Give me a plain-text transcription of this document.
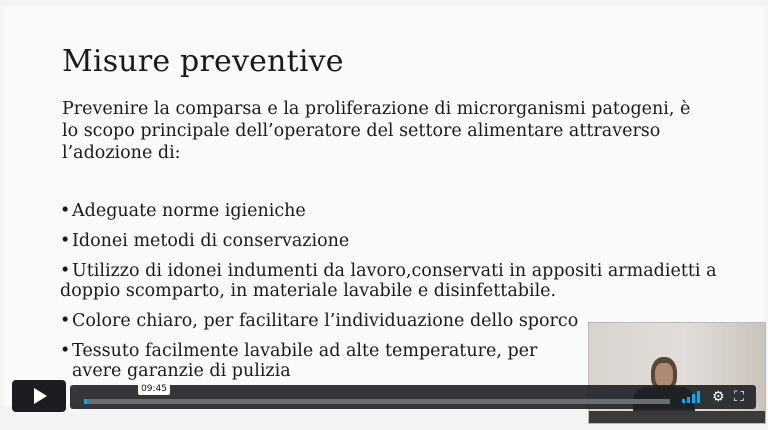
Misure preventive
Prevenire la comparsa e la proliferazione di microrganismi patogeni, è lo scopo principale dell’operatore del settore alimentare attraverso l’adozione di:
•Adeguate norme igieniche
•Idonei metodi di conservazione
•Utilizzo di idonei indumenti da lavoro,conservati in appositi armadietti a doppio scomparto, in materiale lavabile e disinfettabile.
•Colore chiaro, per facilitare l’individuazione dello sporco
•Tessuto facilmente lavabile ad alte temperature, per avere garanzie di pulizia
09:45	⚙ ⛶
